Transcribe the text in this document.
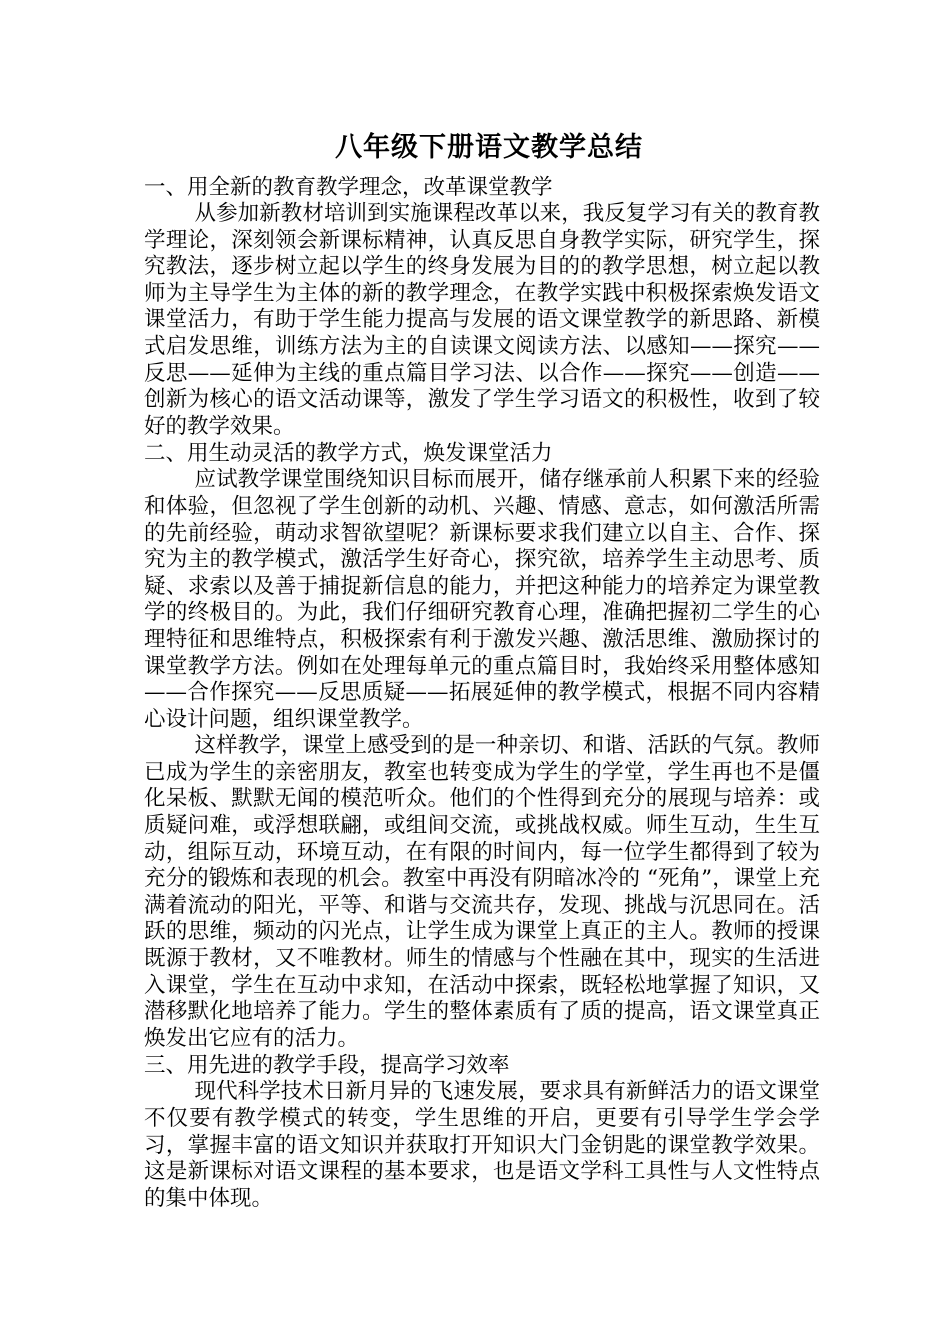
八年级下册语文教学总结

一、用全新的教育教学理念，改革课堂教学

从参加新教材培训到实施课程改革以来，我反复学习有关的教育教学理论，深刻领会新课标精神，认真反思自身教学实际，研究学生，探究教法，逐步树立起以学生的终身发展为目的的教学思想，树立起以教师为主导学生为主体的新的教学理念，在教学实践中积极探索焕发语文课堂活力，有助于学生能力提高与发展的语文课堂教学的新思路、新模式启发思维，训练方法为主的自读课文阅读方法、以感知——探究——反思——延伸为主线的重点篇目学习法、以合作——探究——创造——创新为核心的语文活动课等，激发了学生学习语文的积极性，收到了较好的教学效果。

二、用生动灵活的教学方式，焕发课堂活力

应试教学课堂围绕知识目标而展开，储存继承前人积累下来的经验和体验，但忽视了学生创新的动机、兴趣、情感、意志，如何激活所需的先前经验，萌动求智欲望呢？新课标要求我们建立以自主、合作、探究为主的教学模式，激活学生好奇心，探究欲，培养学生主动思考、质疑、求索以及善于捕捉新信息的能力，并把这种能力的培养定为课堂教学的终极目的。为此，我们仔细研究教育心理，准确把握初二学生的心理特征和思维特点，积极探索有利于激发兴趣、激活思维、激励探讨的课堂教学方法。例如在处理每单元的重点篇目时，我始终采用整体感知——合作探究——反思质疑——拓展延伸的教学模式，根据不同内容精心设计问题，组织课堂教学。

这样教学，课堂上感受到的是一种亲切、和谐、活跃的气氛。教师已成为学生的亲密朋友，教室也转变成为学生的学堂，学生再也不是僵化呆板、默默无闻的模范听众。他们的个性得到充分的展现与培养：或质疑问难，或浮想联翩，或组间交流，或挑战权威。师生互动，生生互动，组际互动，环境互动，在有限的时间内，每一位学生都得到了较为充分的锻炼和表现的机会。教室中再没有阴暗冰冷的 “死角”，课堂上充满着流动的阳光，平等、和谐与交流共存，发现、挑战与沉思同在。活跃的思维，频动的闪光点，让学生成为课堂上真正的主人。教师的授课既源于教材，又不唯教材。师生的情感与个性融在其中，现实的生活进入课堂，学生在互动中求知，在活动中探索，既轻松地掌握了知识，又潜移默化地培养了能力。学生的整体素质有了质的提高，语文课堂真正焕发出它应有的活力。

三、用先进的教学手段，提高学习效率

现代科学技术日新月异的飞速发展，要求具有新鲜活力的语文课堂不仅要有教学模式的转变，学生思维的开启，更要有引导学生学会学习，掌握丰富的语文知识并获取打开知识大门金钥匙的课堂教学效果。这是新课标对语文课程的基本要求，也是语文学科工具性与人文性特点的集中体现。
